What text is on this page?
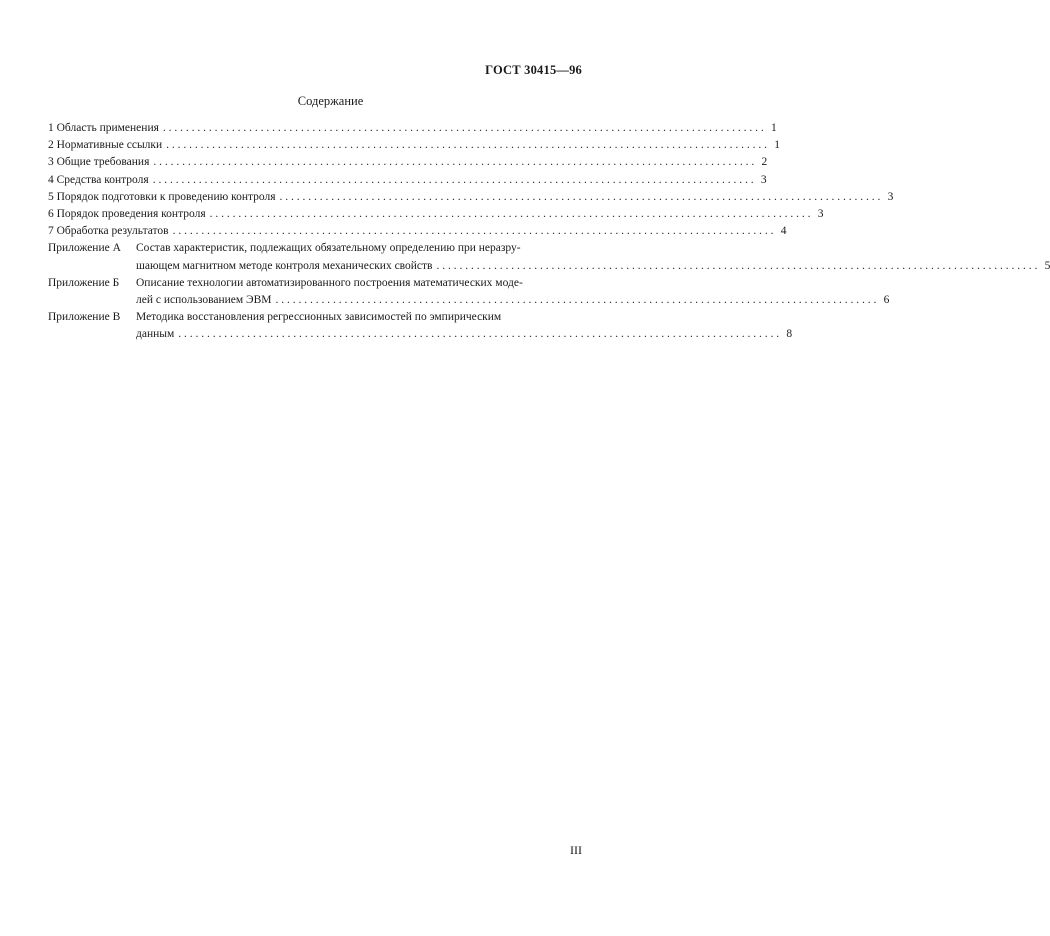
ГОСТ 30415—96
Содержание
1 Область применения . . .	1
2 Нормативные ссылки . . .	1
3 Общие требования . . .	2
4 Средства контроля . . .	3
5 Порядок подготовки к проведению контроля . . .	3
6 Порядок проведения контроля . . .	3
7 Обработка результатов . . .	4
Приложение А	Состав характеристик, подлежащих обязательному определению при неразру-
шающем магнитном методе контроля механических свойств . . .	5
Приложение Б	Описание технологии автоматизированного построения математических моде-
лей с использованием ЭВМ . . .	6
Приложение В	Методика восстановления регрессионных зависимостей по эмпирическим
данным . . .	8
III
